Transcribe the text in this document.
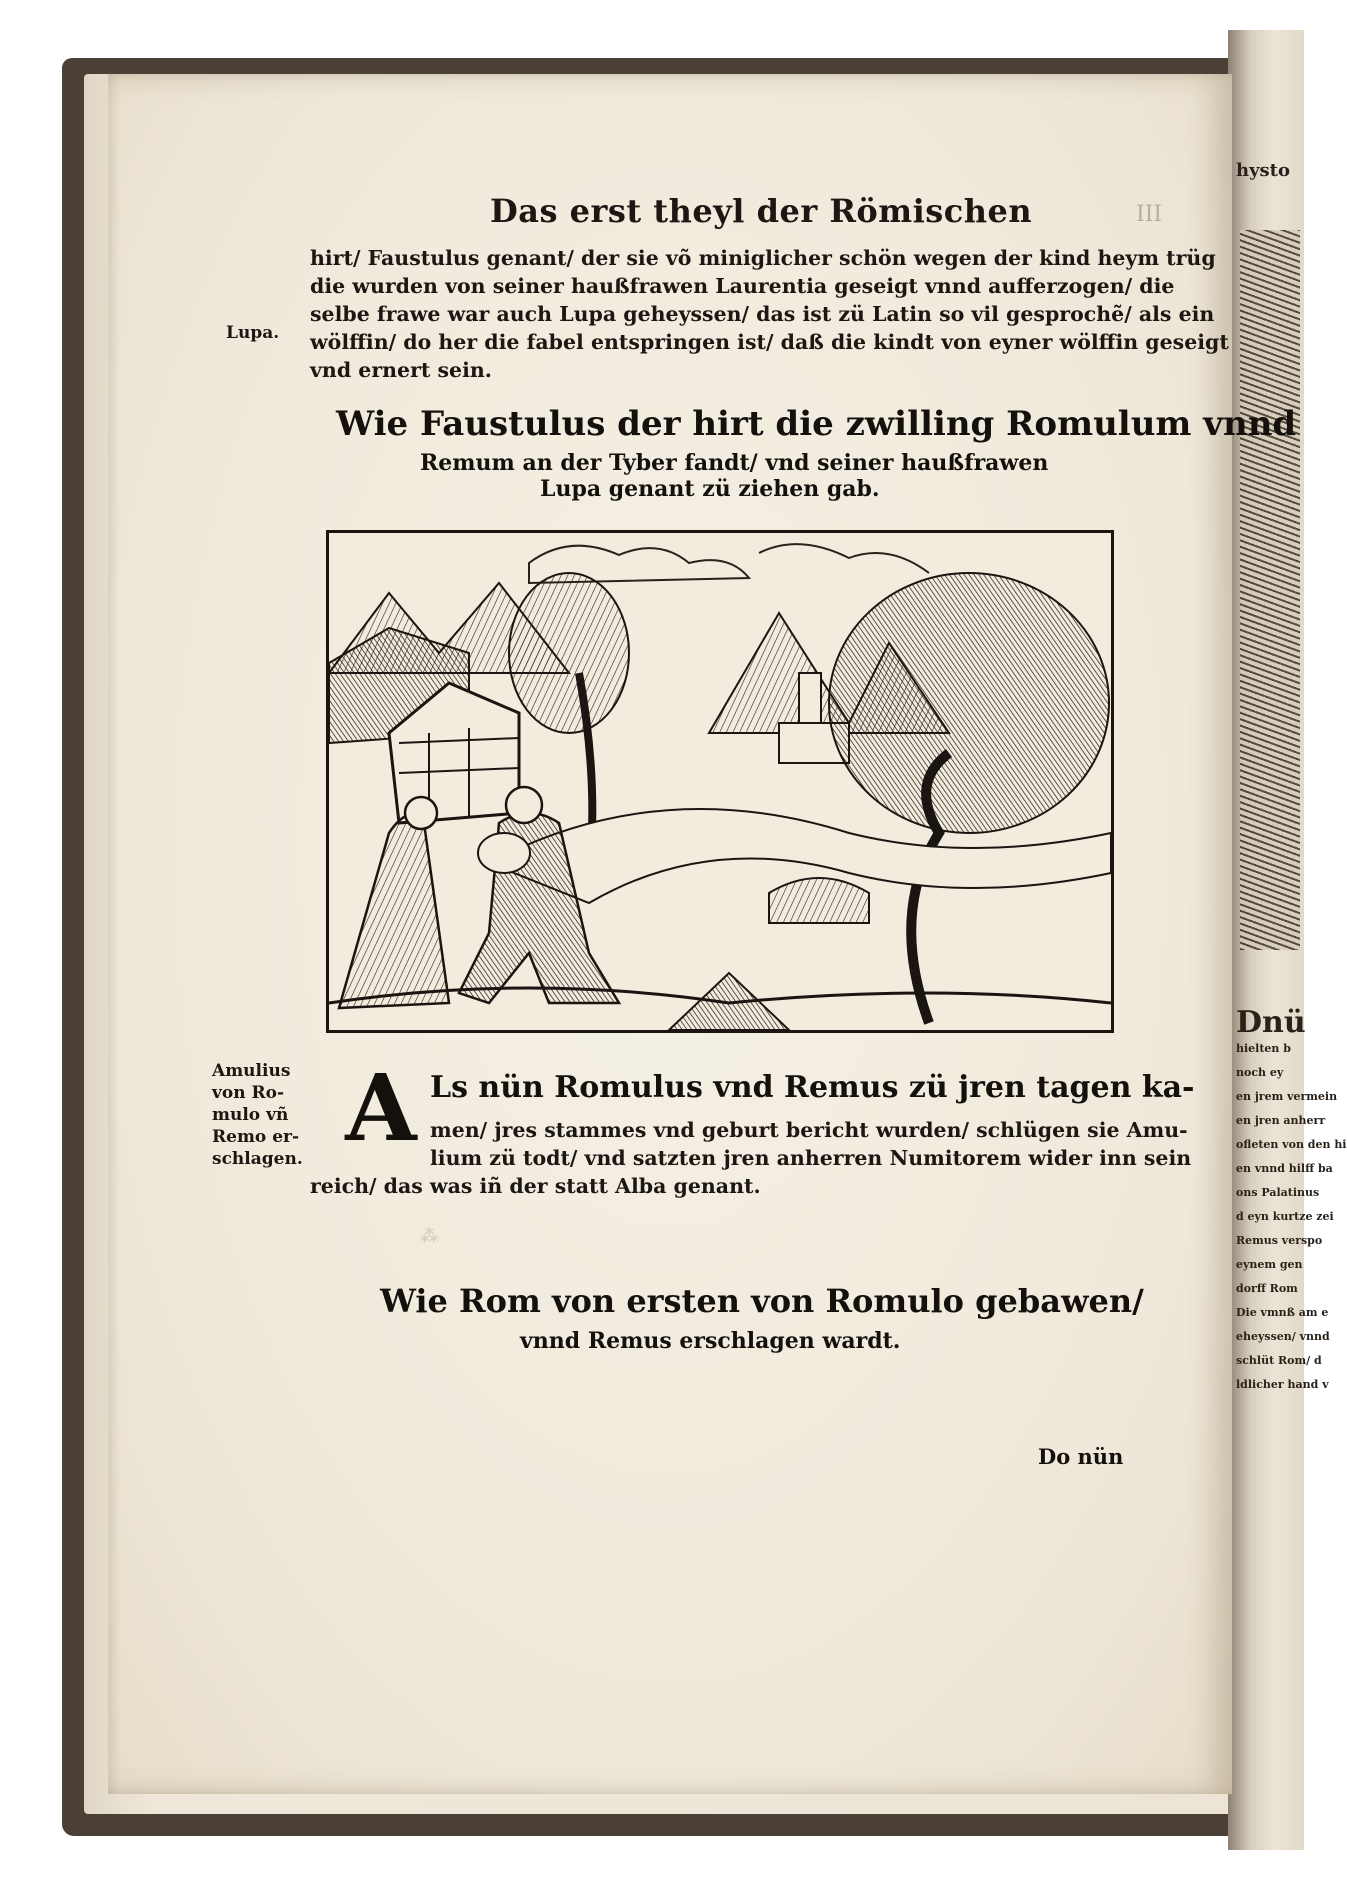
hysto
Dnü
hielten b
noch ey
en jrem vermein
en jren anherr
ofleten von den hi
en vnnd hilff ba
ons Palatinus
d eyn kurtze zei
Remus verspo
eynem gen
dorff Rom
Die vmnß am e
eheyssen/ vnnd
schlüt Rom/ d
ldlicher hand v
Das erst theyl der Römischen	III
Lupa.
hirt/ Faustulus genant/ der sie võ miniglicher schön wegen der kind heym trüg
die wurden von seiner haußfrawen Laurentia geseigt vnnd aufferzogen/ die
selbe frawe war auch Lupa geheyssen/ das ist zü Latin so vil gesprochẽ/ als ein
wölffin/ do her die fabel entspringen ist/ daß die kindt von eyner wölffin geseigt
vnd ernert sein.
Wie Faustulus der hirt die zwilling Romulum vnnd
Remum an der Tyber fandt/ vnd seiner haußfrawen
Lupa genant zü ziehen gab.
Amulius
von Ro-
mulo vñ
Remo er-
schlagen. A Ls nün Romulus vnd Remus zü jren tagen ka-
men/ jres stammes vnd geburt bericht wurden/ schlügen sie Amu-
lium zü todt/ vnd satzten jren anherren Numitorem wider inn sein
reich/ das was iñ der statt Alba genant.
⁂
Wie Rom von ersten von Romulo gebawen/
vnnd Remus erschlagen wardt.
Do nün
